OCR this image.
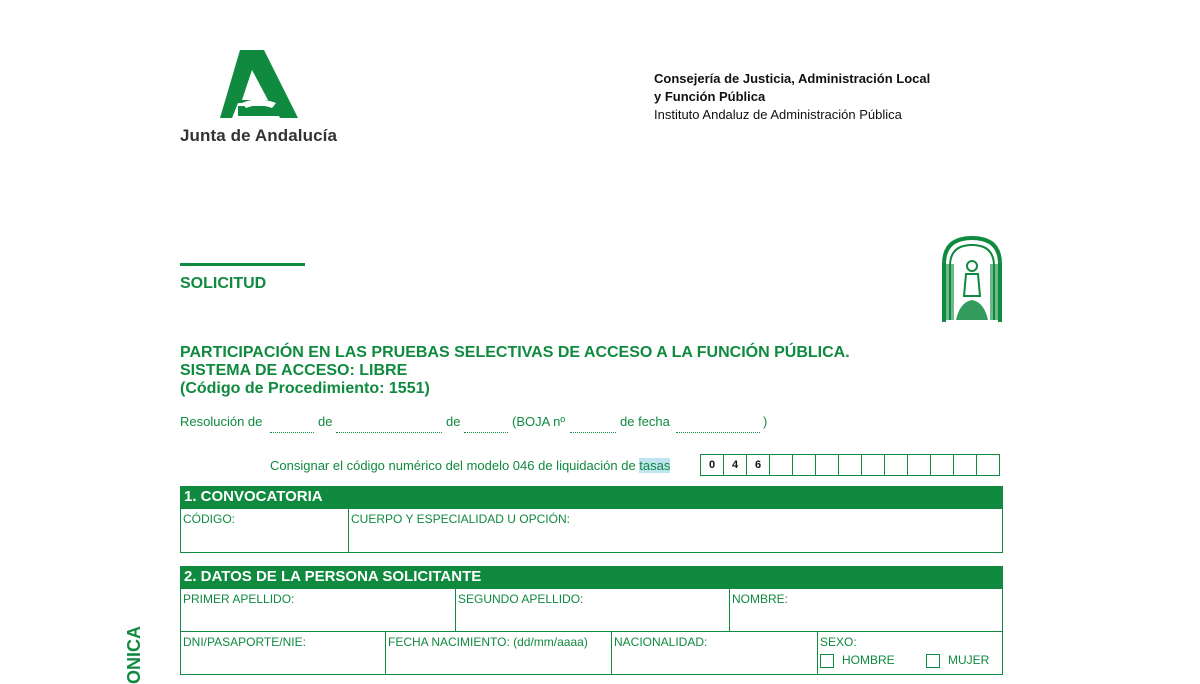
Junta de Andalucía
Consejería de Justicia, Administración Local
y Función Pública
Instituto Andaluz de Administración Pública
SOLICITUD
PARTICIPACIÓN EN LAS PRUEBAS SELECTIVAS DE ACCESO A LA FUNCIÓN PÚBLICA.
SISTEMA DE ACCESO: LIBRE
(Código de Procedimiento: 1551)
Resolución de	de	de	(BOJA nº	de fecha	)
Consignar el código numérico del modelo 046 de liquidación de tasas	0	4	6
1. CONVOCATORIA
CÓDIGO:	CUERPO Y ESPECIALIDAD U OPCIÓN:
2. DATOS DE LA PERSONA SOLICITANTE
PRIMER APELLIDO:	SEGUNDO APELLIDO:	NOMBRE:
DNI/PASAPORTE/NIE:	FECHA NACIMIENTO: (dd/mm/aaaa)	NACIONALIDAD:	SEXO:
HOMBRE	MUJER
ONICA
